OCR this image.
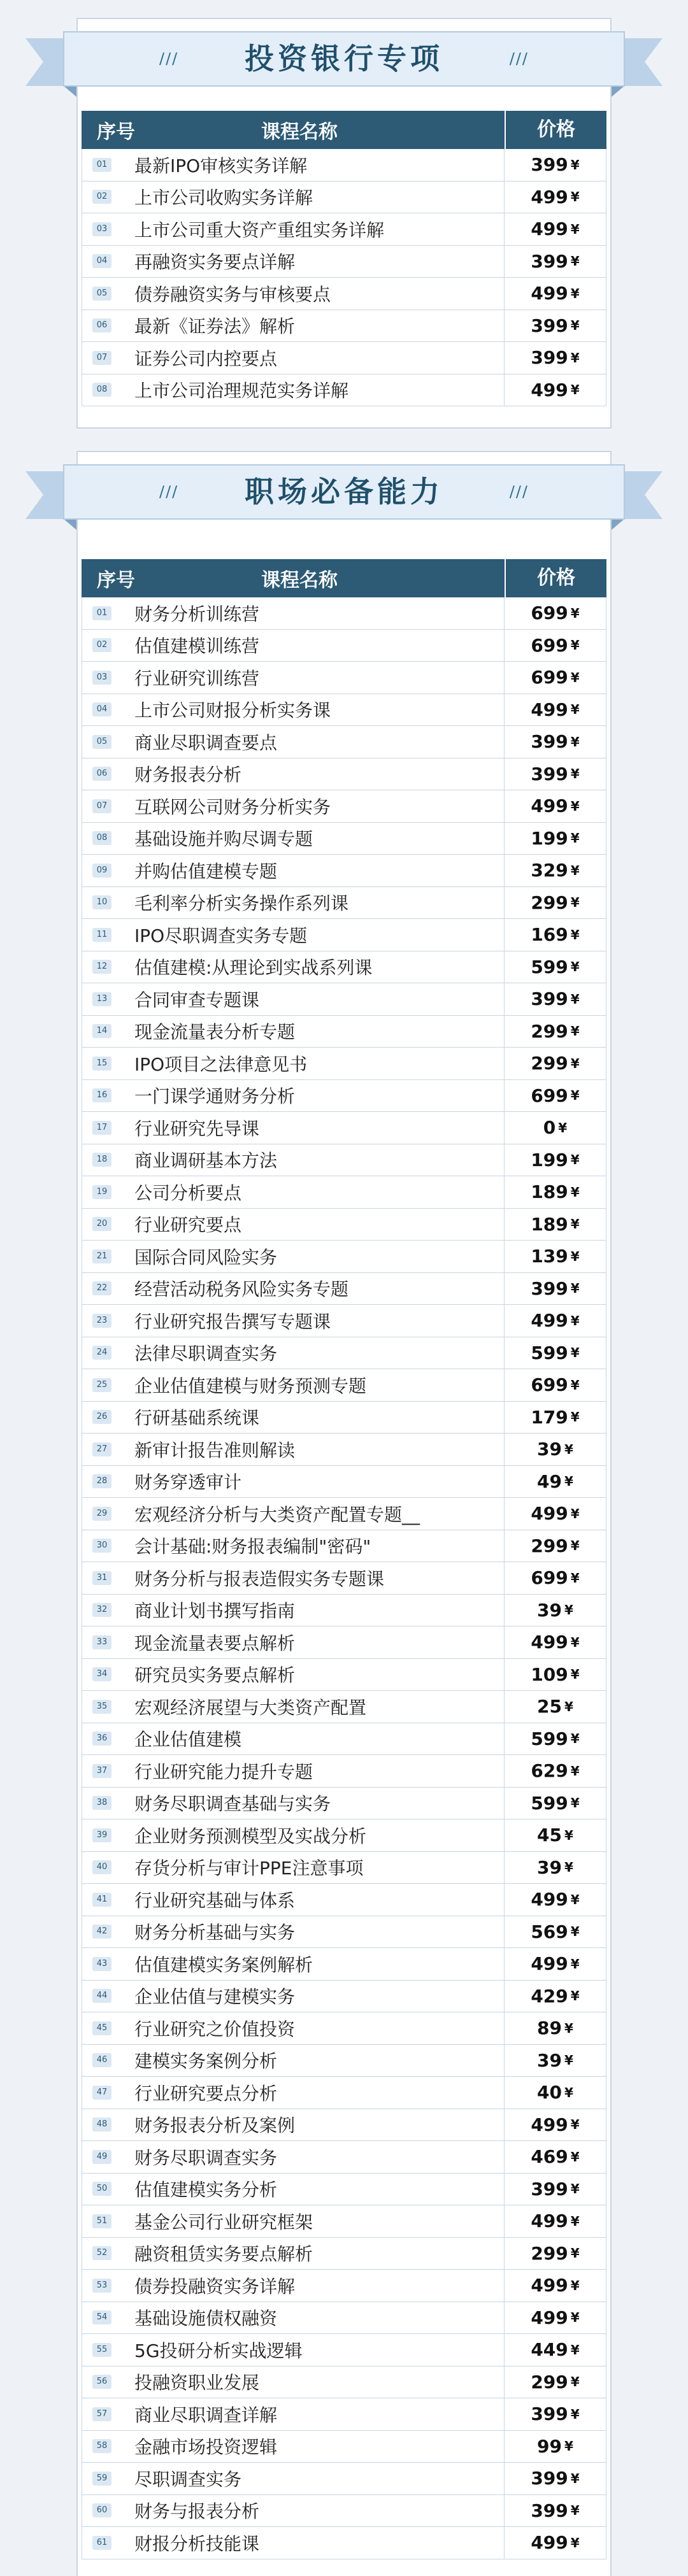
///	投资银行专项	///
///	职场必备能力	///
序号	课程名称	价格
01	最新IPO审核实务详解	399 ¥
02	上市公司收购实务详解	499 ¥
03	上市公司重大资产重组实务详解	499 ¥
04	再融资实务要点详解	399 ¥
05	债券融资实务与审核要点	499 ¥
06	最新《证券法》解析	399 ¥
07	证券公司内控要点	399 ¥
08	上市公司治理规范实务详解	499 ¥
序号	课程名称	价格
01	财务分析训练营	699 ¥
02	估值建模训练营	699 ¥
03	行业研究训练营	699 ¥
04	上市公司财报分析实务课	499 ¥
05	商业尽职调查要点	399 ¥
06	财务报表分析	399 ¥
07	互联网公司财务分析实务	499 ¥
08	基础设施并购尽调专题	199 ¥
09	并购估值建模专题	329 ¥
10	毛利率分析实务操作系列课	299 ¥
11	IPO尽职调查实务专题	169 ¥
12	估值建模:从理论到实战系列课	599 ¥
13	合同审查专题课	399 ¥
14	现金流量表分析专题	299 ¥
15	IPO项目之法律意见书	299 ¥
16	一门课学通财务分析	699 ¥
17	行业研究先导课	0 ¥
18	商业调研基本方法	199 ¥
19	公司分析要点	189 ¥
20	行业研究要点	189 ¥
21	国际合同风险实务	139 ¥
22	经营活动税务风险实务专题	399 ¥
23	行业研究报告撰写专题课	499 ¥
24	法律尽职调查实务	599 ¥
25	企业估值建模与财务预测专题	699 ¥
26	行研基础系统课	179 ¥
27	新审计报告准则解读	39 ¥
28	财务穿透审计	49 ¥
29	宏观经济分析与大类资产配置专题__	499 ¥
30	会计基础:财务报表编制"密码"	299 ¥
31	财务分析与报表造假实务专题课	699 ¥
32	商业计划书撰写指南	39 ¥
33	现金流量表要点解析	499 ¥
34	研究员实务要点解析	109 ¥
35	宏观经济展望与大类资产配置	25 ¥
36	企业估值建模	599 ¥
37	行业研究能力提升专题	629 ¥
38	财务尽职调查基础与实务	599 ¥
39	企业财务预测模型及实战分析	45 ¥
40	存货分析与审计PPE注意事项	39 ¥
41	行业研究基础与体系	499 ¥
42	财务分析基础与实务	569 ¥
43	估值建模实务案例解析	499 ¥
44	企业估值与建模实务	429 ¥
45	行业研究之价值投资	89 ¥
46	建模实务案例分析	39 ¥
47	行业研究要点分析	40 ¥
48	财务报表分析及案例	499 ¥
49	财务尽职调查实务	469 ¥
50	估值建模实务分析	399 ¥
51	基金公司行业研究框架	499 ¥
52	融资租赁实务要点解析	299 ¥
53	债券投融资实务详解	499 ¥
54	基础设施债权融资	499 ¥
55	5G投研分析实战逻辑	449 ¥
56	投融资职业发展	299 ¥
57	商业尽职调查详解	399 ¥
58	金融市场投资逻辑	99 ¥
59	尽职调查实务	399 ¥
60	财务与报表分析	399 ¥
61	财报分析技能课	499 ¥
